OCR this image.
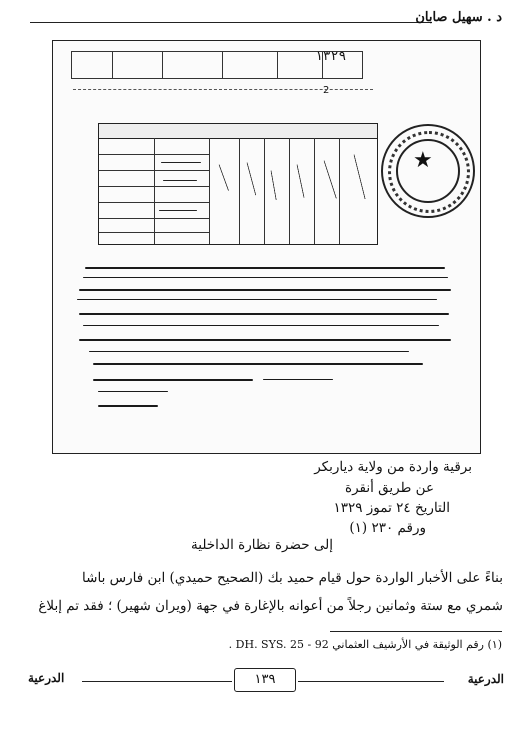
د . سهيل صابان
١٣٢٩
2
★
برقية واردة من ولاية دياربكر
عن طريق أنقرة
التاريخ ٢٤ تموز ١٣٢٩
ورقم ٢٣٠ (١)
إلى حضرة نظارة الداخلية
بناءً على الأخبار الواردة حول قيام حميد بك (الصحيح حميدي) ابن فارس باشا
شمري مع ستة وثمانين رجلاً من أعوانه بالإغارة في جهة (ويران شهير) ؛ فقد تم إبلاغ
(١) رقم الوثيقة في الأرشيف العثماني 92 - DH. SYS. 25 .
الدرعية	١٣٩	الدرعية
